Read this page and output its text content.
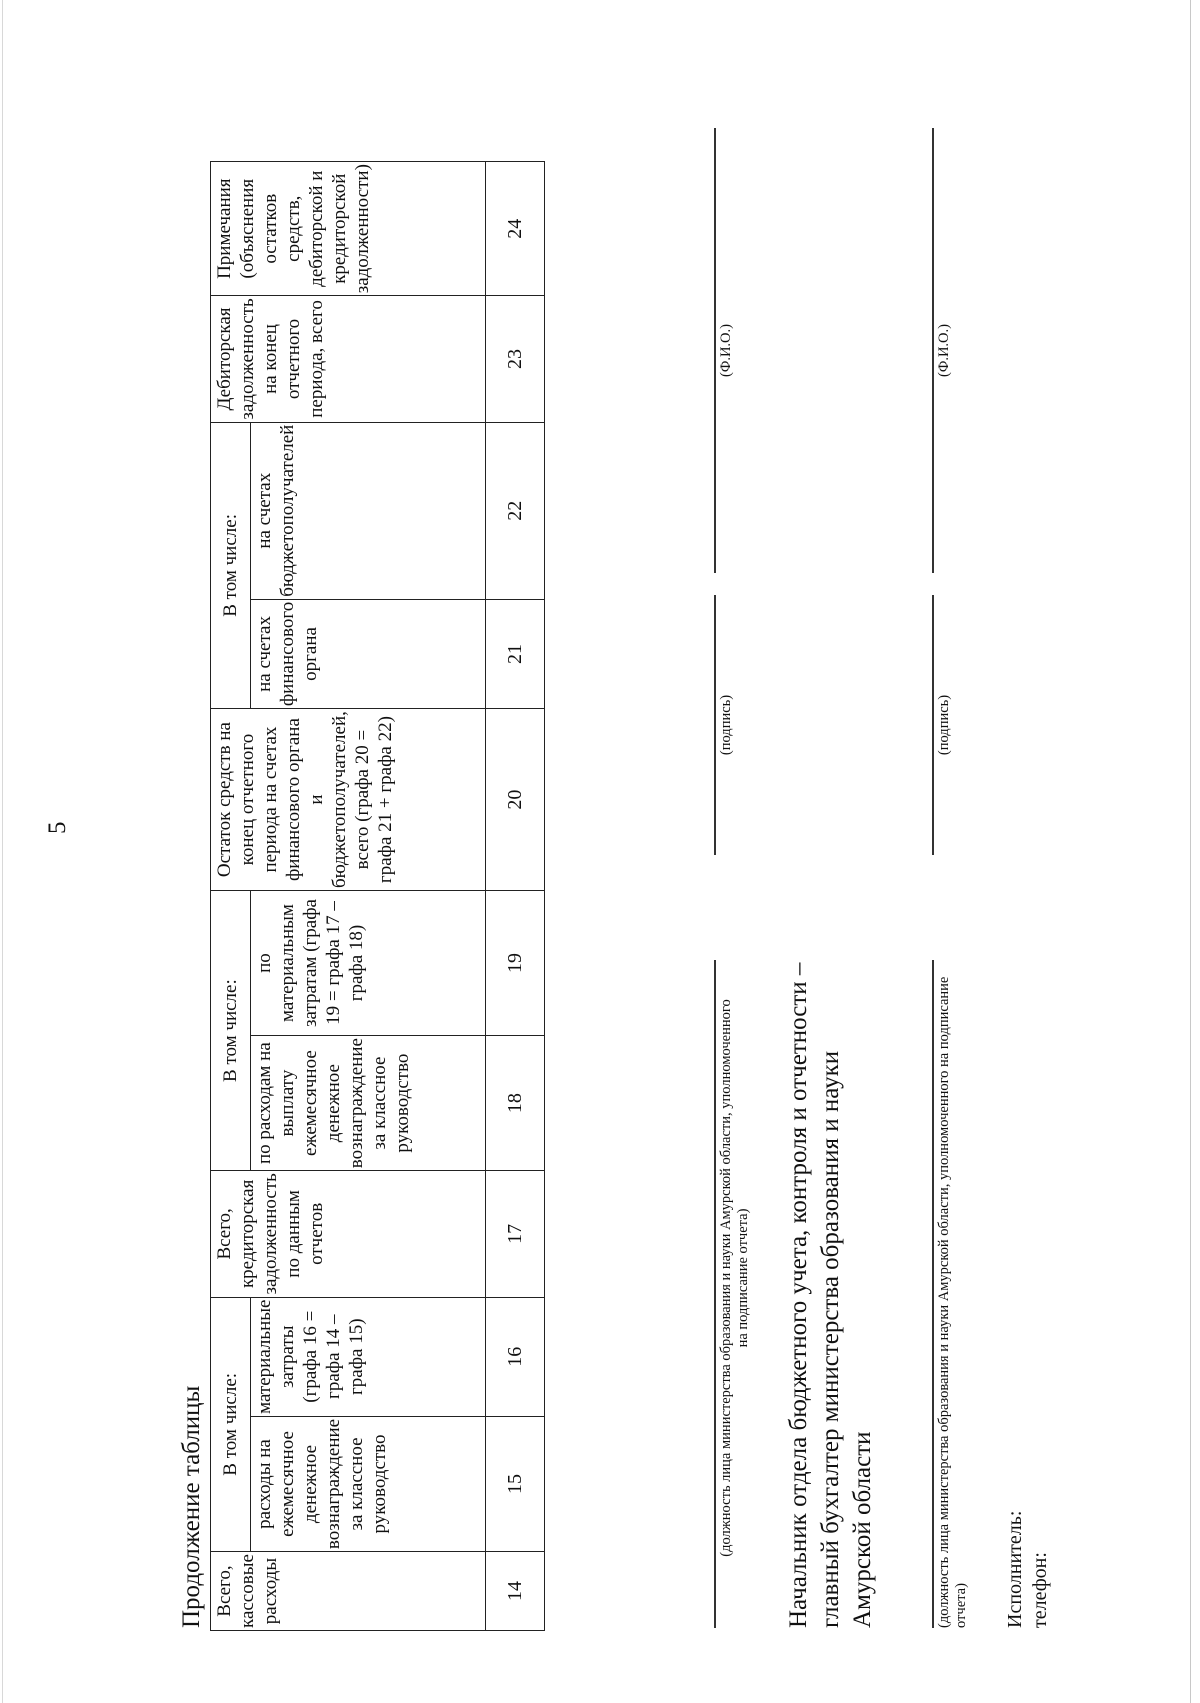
5
Продолжение таблицы Всего, кассовые расходы	В том числе:		Всего, кредиторская задолженность по данным отчетов	В том числе:		Остаток средств на конец отчетного периода на счетах финансового органа и бюджетополучателей, всего (графа 20 = графа 21 + графа 22)	В том числе:		Дебиторская задолженность на конец отчетного периода, всего	Примечания (объяснения остатков средств, дебиторской и кредиторской задолженности)
	расходы на ежемесячное денежное вознаграждение за классное руководство	материальные затраты (графа 16 = графа 14 – графа 15)		по расходам на выплату ежемесячное денежное вознаграждение за классное руководство	по материальным затратам (графа 19 = графа 17 – графа 18)		на счетах финансового органа	на счетах бюджетополучателей		
14	15	16	17	18	19	20	21	22	23	24
(должность лица министерства образования и науки Амурской области, уполномоченного на подписание отчета)
(подпись)
(Ф.И.О.)
Начальник отдела бюджетного учета, контроля и отчетности – главный бухгалтер министерства образования и науки Амурской области	(должность лица министерства образования и науки Амурской области, уполномоченного на подписание отчета)
(подпись)
(Ф.И.О.)
Исполнитель: телефон:
